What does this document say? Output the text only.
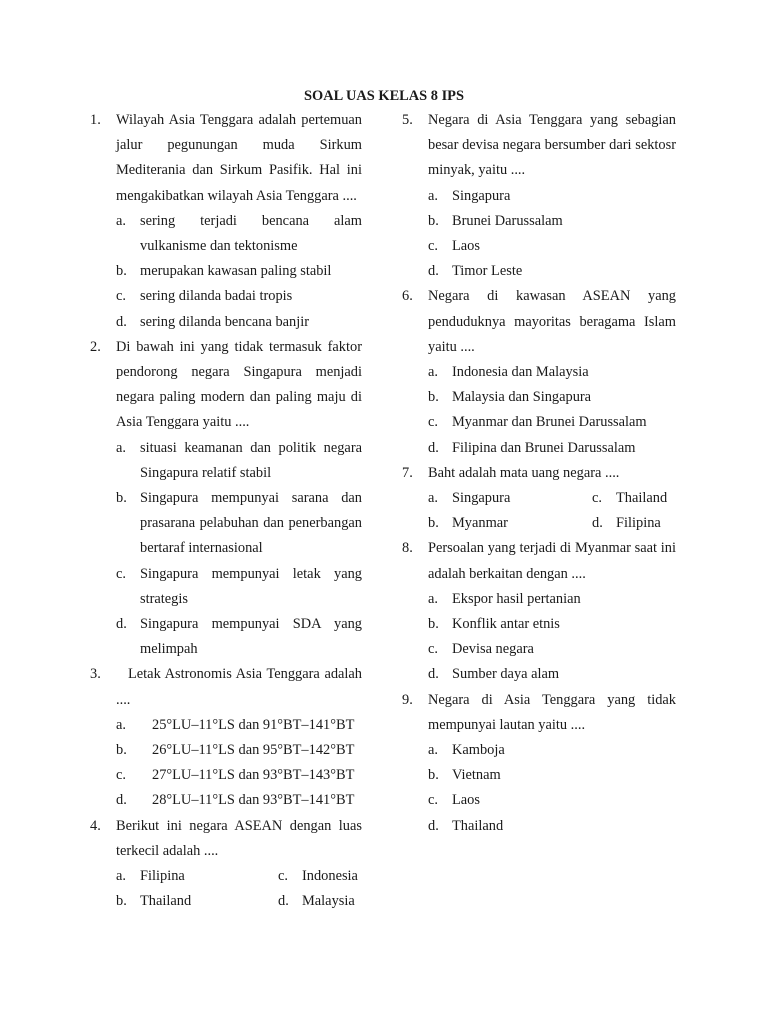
SOAL UAS KELAS 8 IPS
1. Wilayah Asia Tenggara adalah pertemuan jalur pegunungan muda Sirkum Mediterania dan Sirkum Pasifik. Hal ini mengakibatkan wilayah Asia Tenggara ....
a. sering terjadi bencana alam vulkanisme dan tektonisme
b. merupakan kawasan paling stabil
c. sering dilanda badai tropis
d. sering dilanda bencana banjir
2. Di bawah ini yang tidak termasuk faktor pendorong negara Singapura menjadi negara paling modern dan paling maju di Asia Tenggara yaitu ....
a. situasi keamanan dan politik negara Singapura relatif stabil
b. Singapura mempunyai sarana dan prasarana pelabuhan dan penerbangan bertaraf internasional
c. Singapura mempunyai letak yang strategis
d. Singapura mempunyai SDA yang melimpah
3.	Letak Astronomis Asia Tenggara adalah ....
a.	25°LU–11°LS dan 91°BT–141°BT
b.	26°LU–11°LS dan 95°BT–142°BT
c.	27°LU–11°LS dan 93°BT–143°BT
d.	28°LU–11°LS dan 93°BT–141°BT
4. Berikut ini negara ASEAN dengan luas terkecil adalah ....
a. Filipina	c. Indonesia
b. Thailand	d. Malaysia
5. Negara di Asia Tenggara yang sebagian besar devisa negara bersumber dari sektosr minyak, yaitu ....
a. Singapura
b. Brunei Darussalam
c. Laos
d. Timor Leste
6. Negara di kawasan ASEAN yang penduduknya mayoritas beragama Islam yaitu ....
a. Indonesia dan Malaysia
b. Malaysia dan Singapura
c. Myanmar dan Brunei Darussalam
d. Filipina dan Brunei Darussalam
7. Baht adalah mata uang negara ....
a. Singapura	c. Thailand
b. Myanmar	d. Filipina
8. Persoalan yang terjadi di Myanmar saat ini adalah berkaitan dengan ....
a. Ekspor hasil pertanian
b. Konflik antar etnis
c. Devisa negara
d. Sumber daya alam
9. Negara di Asia Tenggara yang tidak mempunyai lautan yaitu ....
a. Kamboja
b. Vietnam
c. Laos
d. Thailand
